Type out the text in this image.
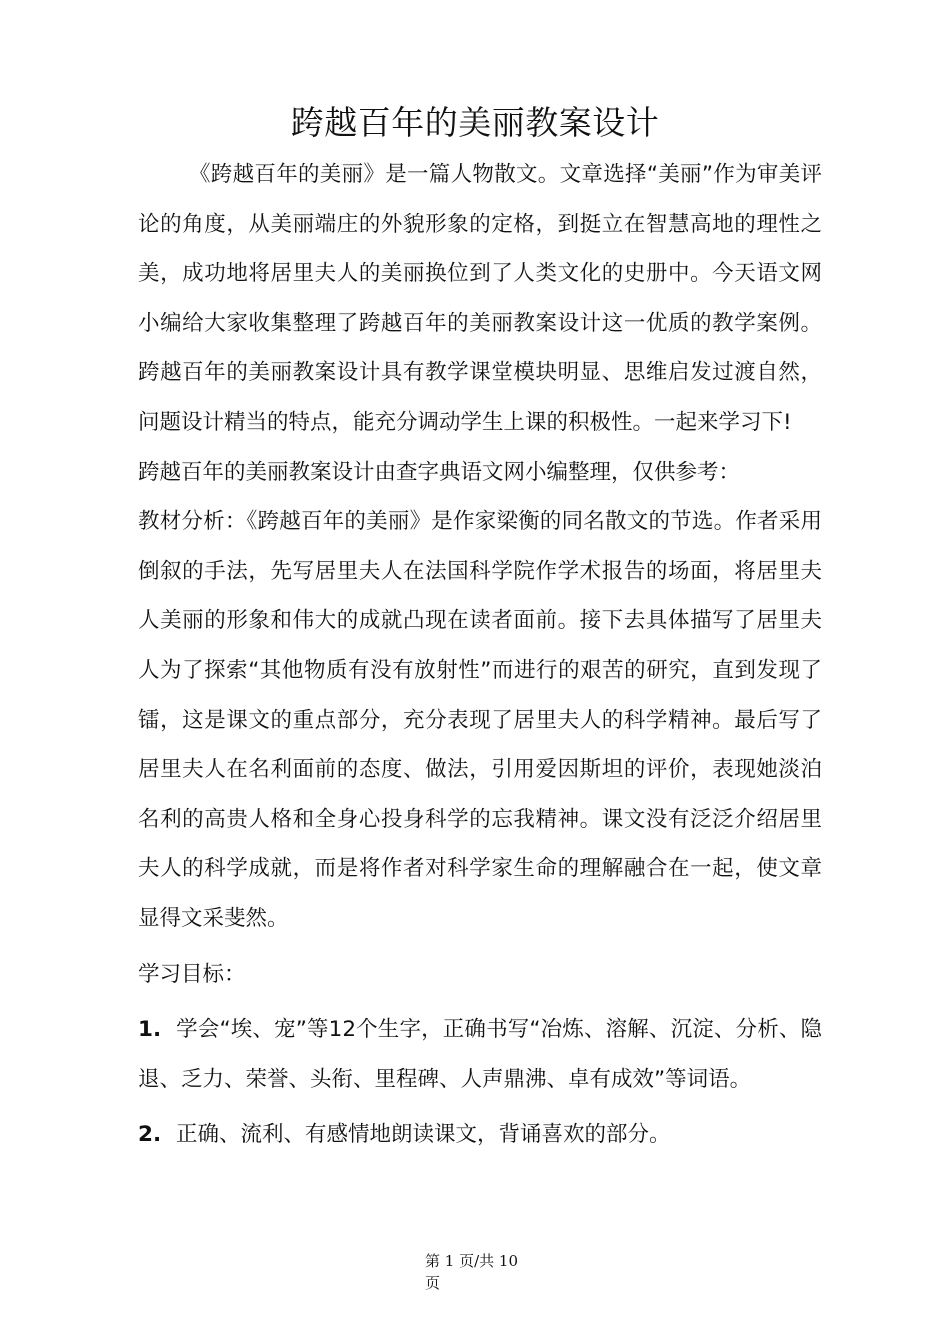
跨越百年的美丽教案设计

《跨越百年的美丽》是一篇人物散文。文章选择“美丽”作为审美评论的角度，从美丽端庄的外貌形象的定格，到挺立在智慧高地的理性之美，成功地将居里夫人的美丽换位到了人类文化的史册中。今天语文网小编给大家收集整理了跨越百年的美丽教案设计这一优质的教学案例。跨越百年的美丽教案设计具有教学课堂模块明显、思维启发过渡自然，问题设计精当的特点，能充分调动学生上课的积极性。一起来学习下!

跨越百年的美丽教案设计由查字典语文网小编整理，仅供参考：

教材分析：《跨越百年的美丽》是作家梁衡的同名散文的节选。作者采用倒叙的手法，先写居里夫人在法国科学院作学术报告的场面，将居里夫人美丽的形象和伟大的成就凸现在读者面前。接下去具体描写了居里夫人为了探索“其他物质有没有放射性”而进行的艰苦的研究，直到发现了镭，这是课文的重点部分，充分表现了居里夫人的科学精神。最后写了居里夫人在名利面前的态度、做法，引用爱因斯坦的评价，表现她淡泊名利的高贵人格和全身心投身科学的忘我精神。课文没有泛泛介绍居里夫人的科学成就，而是将作者对科学家生命的理解融合在一起，使文章显得文采斐然。

学习目标：

1. 学会“埃、宠”等12个生字，正确书写“冶炼、溶解、沉淀、分析、隐退、乏力、荣誉、头衔、里程碑、人声鼎沸、卓有成效”等词语。

2. 正确、流利、有感情地朗读课文，背诵喜欢的部分。

第 1 页/共 10 页
